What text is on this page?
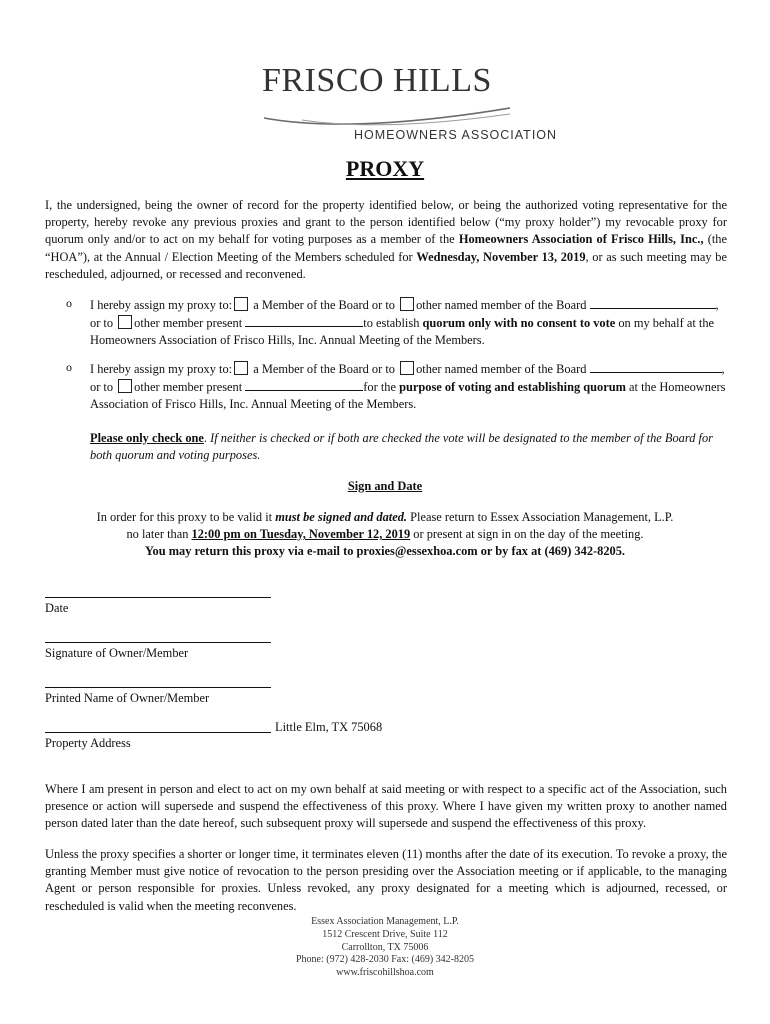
FRISCO HILLS
HOMEOWNERS ASSOCIATION
PROXY
I, the undersigned, being the owner of record for the property identified below, or being the authorized voting representative for the property, hereby revoke any previous proxies and grant to the person identified below (“my proxy holder”) my revocable proxy for quorum only and/or to act on my behalf for voting purposes as a member of the Homeowners Association of Frisco Hills, Inc., (the “HOA”), at the Annual / Election Meeting of the Members scheduled for Wednesday, November 13, 2019, or as such meeting may be rescheduled, adjourned, or recessed and reconvened.
o I hereby assign my proxy to: a Member of the Board or to other named member of the Board	,
or to other member present	to establish quorum only with no consent to vote on my behalf at the Homeowners Association of Frisco Hills, Inc. Annual Meeting of the Members.
o I hereby assign my proxy to: a Member of the Board or to other named member of the Board	,
or to other member present	for the purpose of voting and establishing quorum at the Homeowners Association of Frisco Hills, Inc. Annual Meeting of the Members.
Please only check one. If neither is checked or if both are checked the vote will be designated to the member of the Board for both quorum and voting purposes.
Sign and Date
In order for this proxy to be valid it must be signed and dated. Please return to Essex Association Management, L.P.
no later than 12:00 pm on Tuesday, November 12, 2019 or present at sign in on the day of the meeting.
You may return this proxy via e-mail to proxies@essexhoa.com or by fax at (469) 342-8205.
Date
Signature of Owner/Member
Printed Name of Owner/Member
Little Elm, TX 75068
Property Address
Where I am present in person and elect to act on my own behalf at said meeting or with respect to a specific act of the Association, such presence or action will supersede and suspend the effectiveness of this proxy. Where I have given my written proxy to another named person dated later than the date hereof, such subsequent proxy will supersede and suspend the effectiveness of this proxy.
Unless the proxy specifies a shorter or longer time, it terminates eleven (11) months after the date of its execution. To revoke a proxy, the granting Member must give notice of revocation to the person presiding over the Association meeting or if applicable, to the managing Agent or person responsible for proxies. Unless revoked, any proxy designated for a meeting which is adjourned, recessed, or rescheduled is valid when the meeting reconvenes.
Essex Association Management, L.P.
1512 Crescent Drive, Suite 112
Carrollton, TX 75006
Phone: (972) 428-2030 Fax: (469) 342-8205
www.friscohillshoa.com
